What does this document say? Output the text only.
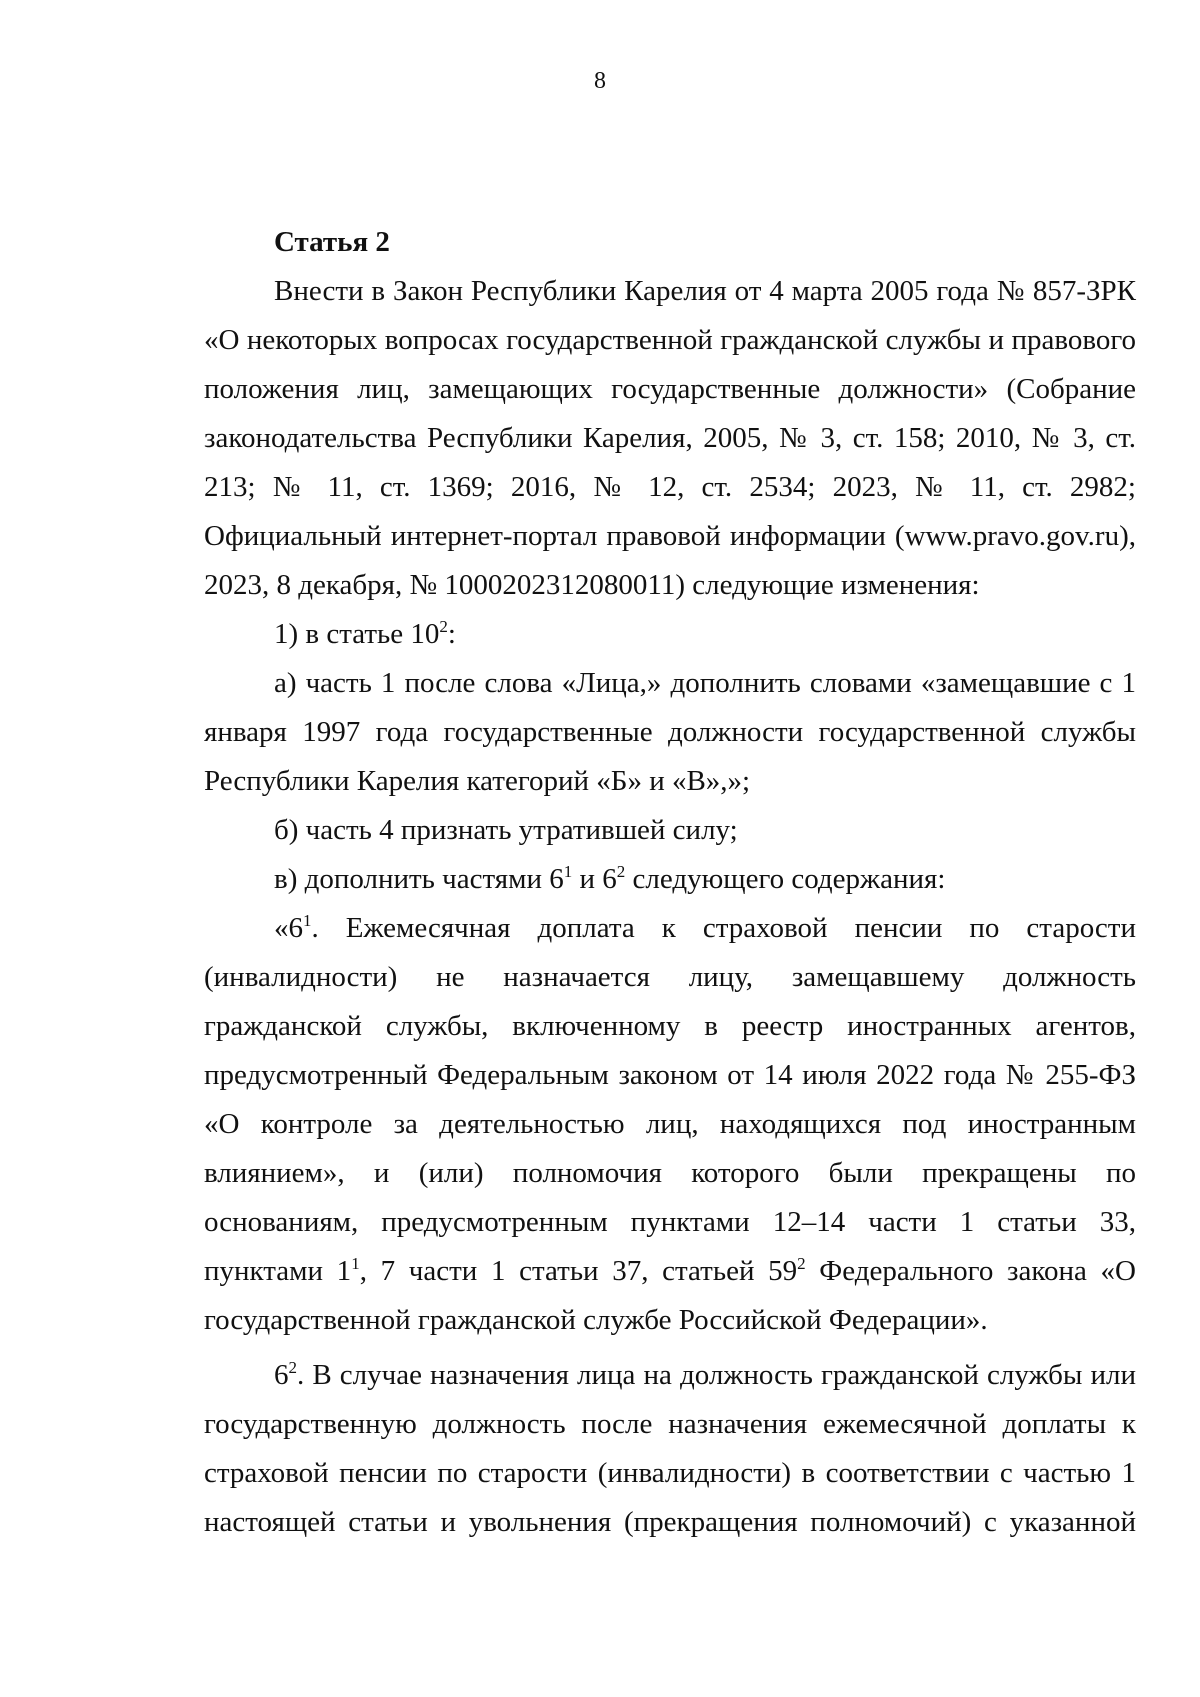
8
Статья 2

Внести в Закон Республики Карелия от 4 марта 2005 года № 857-ЗРК «О некоторых вопросах государственной гражданской службы и правового положения лиц, замещающих государственные должности» (Собрание законодательства Республики Карелия, 2005, № 3, ст. 158; 2010, № 3, ст. 213; № 11, ст. 1369; 2016, № 12, ст. 2534; 2023, № 11, ст. 2982; Официальный интернет-портал правовой информации (www.pravo.gov.ru), 2023, 8 декабря, № 1000202312080011) следующие изменения:

1) в статье $10^2$:

а) часть 1 после слова «Лица,» дополнить словами «замещавшие с 1 января 1997 года государственные должности государственной службы Республики Карелия категорий «Б» и «В»,»;

б) часть 4 признать утратившей силу;

в) дополнить частями $6^1$ и $6^2$ следующего содержания:

«$6^1$. Ежемесячная доплата к страховой пенсии по старости (инвалидности) не назначается лицу, замещавшему должность гражданской службы, включенному в реестр иностранных агентов, предусмотренный Федеральным законом от 14 июля 2022 года № 255-ФЗ «О контроле за деятельностью лиц, находящихся под иностранным влиянием», и (или) полномочия которого были прекращены по основаниям, предусмотренным пунктами 12–14 части 1 статьи 33, пунктами $1^1$, 7 части 1 статьи 37, статьей $59^2$ Федерального закона «О государственной гражданской службе Российской Федерации».

$6^2$. В случае назначения лица на должность гражданской службы или государственную должность после назначения ежемесячной доплаты к страховой пенсии по старости (инвалидности) в соответствии с частью 1 настоящей статьи и увольнения (прекращения полномочий) с указанной
